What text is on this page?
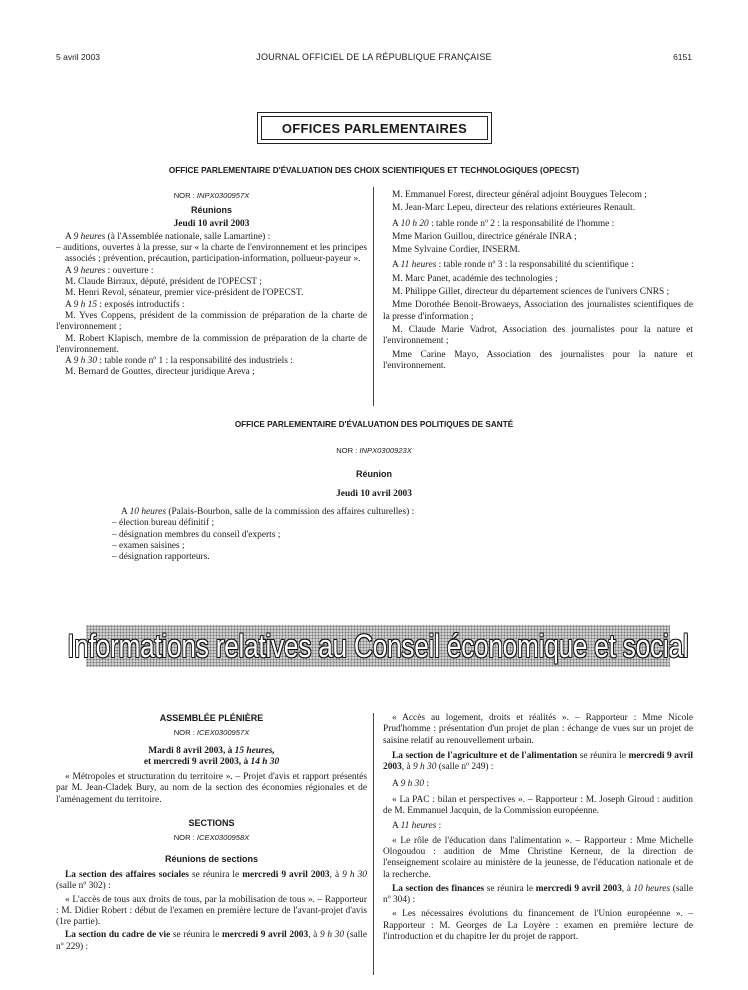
5 avril 2003	JOURNAL OFFICIEL DE LA RÉPUBLIQUE FRANÇAISE	6151
OFFICES PARLEMENTAIRES
OFFICE PARLEMENTAIRE D'ÉVALUATION DES CHOIX SCIENTIFIQUES ET TECHNOLOGIQUES (OPECST)

NOR : INPX0300957X

Réunions

Jeudi 10 avril 2003

A 9 heures (à l'Assemblée nationale, salle Lamartine) :

– auditions, ouvertes à la presse, sur « la charte de l'environnement et les principes associés ; prévention, précaution, participation-information, pollueur-payeur ».

A 9 heures : ouverture :

M. Claude Birraux, député, président de l'OPECST ;

M. Henri Revol, sénateur, premier vice-président de l'OPECST.

A 9 h 15 : exposés introductifs :

M. Yves Coppens, président de la commission de préparation de la charte de l'environnement ;

M. Robert Klapisch, membre de la commission de préparation de la charte de l'environnement.

A 9 h 30 : table ronde nº 1 : la responsabilité des industriels :

M. Bernard de Gouttes, directeur juridique Areva ;

M. Emmanuel Forest, directeur général adjoint Bouygues Telecom ;

M. Jean-Marc Lepeu, directeur des relations extérieures Renault.

A 10 h 20 : table ronde nº 2 : la responsabilité de l'homme :

Mme Marion Guillou, directrice générale INRA ;

Mme Sylvaine Cordier, INSERM.

A 11 heures : table ronde nº 3 : la responsabilité du scientifique :

M. Marc Panet, académie des technologies ;

M. Philippe Gillet, directeur du département sciences de l'univers CNRS ;

Mme Dorothée Benoit-Browaeys, Association des journalistes scientifiques de la presse d'information ;

M. Claude Marie Vadrot, Association des journalistes pour la nature et l'environnement ;

Mme Carine Mayo, Association des journalistes pour la nature et l'environnement.

OFFICE PARLEMENTAIRE D'ÉVALUATION DES POLITIQUES DE SANTÉ
NOR : INPX0300923X
Réunion
Jeudi 10 avril 2003

A 10 heures (Palais-Bourbon, salle de la commission des affaires culturelles) :

– élection bureau définitif ;

– désignation membres du conseil d'experts ;

– examen saisines ;

– désignation rapporteurs.

Informations relatives au Conseil économique et social

ASSEMBLÉE PLÉNIÈRE

NOR : ICEX0300957X

Mardi 8 avril 2003, à 15 heures,

et mercredi 9 avril 2003, à 14 h 30

« Métropoles et structuration du territoire ». – Projet d'avis et rapport présentés par M. Jean-Cladek Bury, au nom de la section des économies régionales et de l'aménagement du territoire.

SECTIONS

NOR : ICEX0300958X

Réunions de sections

La section des affaires sociales se réunira le mercredi 9 avril 2003, à 9 h 30 (salle nº 302) :

« L'accès de tous aux droits de tous, par la mobilisation de tous ». – Rapporteur : M. Didier Robert : début de l'examen en première lecture de l'avant-projet d'avis (1re partie).

La section du cadre de vie se réunira le mercredi 9 avril 2003, à 9 h 30 (salle nº 229) :

« Accès au logement, droits et réalités ». – Rapporteur : Mme Nicole Prud'homme : présentation d'un projet de plan : échange de vues sur un projet de saisine relatif au renouvellement urbain.

La section de l'agriculture et de l'alimentation se réunira le mercredi 9 avril 2003, à 9 h 30 (salle nº 249) :

A 9 h 30 :

« La PAC : bilan et perspectives ». – Rapporteur : M. Joseph Giroud : audition de M. Emmanuel Jacquin, de la Commission européenne.

A 11 heures :

« Le rôle de l'éducation dans l'alimentation ». – Rapporteur : Mme Michelle Ologoudou : audition de Mme Christine Kerneur, de la direction de l'enseignement scolaire au ministère de la jeunesse, de l'éducation nationale et de la recherche.

La section des finances se réunira le mercredi 9 avril 2003, à 10 heures (salle nº 304) :

« Les nécessaires évolutions du financement de l'Union européenne ». – Rapporteur : M. Georges de La Loyère : examen en première lecture de l'introduction et du chapitre Ier du projet de rapport.
